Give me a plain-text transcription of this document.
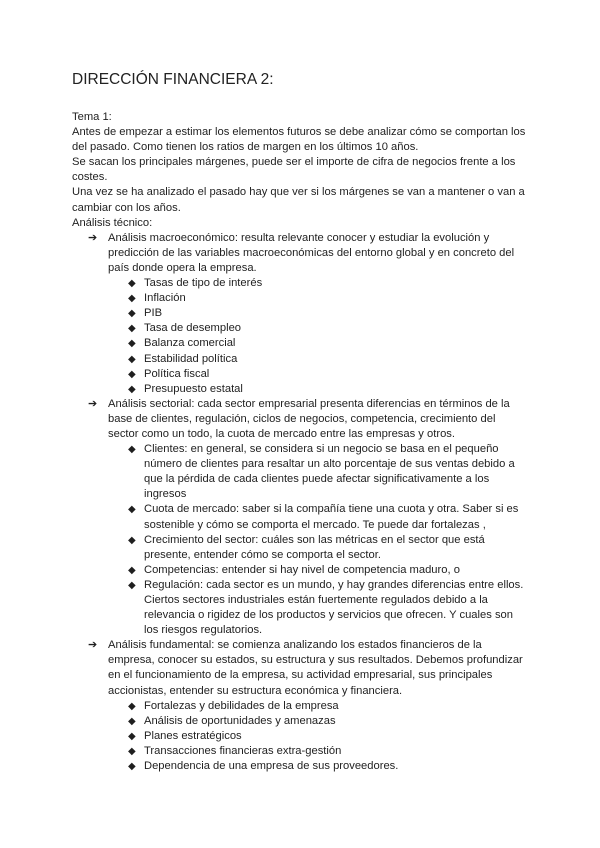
DIRECCIÓN FINANCIERA 2:

Tema 1:

Antes de empezar a estimar los elementos futuros se debe analizar cómo se comportan los del pasado. Como tienen los ratios de margen en los últimos 10 años.

Se sacan los principales márgenes, puede ser el importe de cifra de negocios frente a los costes.

Una vez se ha analizado el pasado hay que ver si los márgenes se van a mantener o van a cambiar con los años.

Análisis técnico:

➔ Análisis macroeconómico: resulta relevante conocer y estudiar la evolución y predicción de las variables macroeconómicas del entorno global y en concreto del país donde opera la empresa.
◆ Tasas de tipo de interés
◆ Inflación
◆ PIB
◆ Tasa de desempleo
◆ Balanza comercial
◆ Estabilidad política
◆ Política fiscal
◆ Presupuesto estatal
➔ Análisis sectorial: cada sector empresarial presenta diferencias en términos de la base de clientes, regulación, ciclos de negocios, competencia, crecimiento del sector como un todo, la cuota de mercado entre las empresas y otros.
◆ Clientes: en general, se considera si un negocio se basa en el pequeño número de clientes para resaltar un alto porcentaje de sus ventas debido a que la pérdida de cada clientes puede afectar significativamente a los ingresos
◆ Cuota de mercado: saber si la compañía tiene una cuota y otra. Saber si es sostenible y cómo se comporta el mercado. Te puede dar fortalezas ,
◆ Crecimiento del sector: cuáles son las métricas en el sector que está presente, entender cómo se comporta el sector.
◆ Competencias: entender si hay nivel de competencia maduro, o
◆ Regulación: cada sector es un mundo, y hay grandes diferencias entre ellos. Ciertos sectores industriales están fuertemente regulados debido a la relevancia o rigidez de los productos y servicios que ofrecen. Y cuales son los riesgos regulatorios.
➔ Análisis fundamental: se comienza analizando los estados financieros de la empresa, conocer su estados, su estructura y sus resultados. Debemos profundizar en el funcionamiento de la empresa, su actividad empresarial, sus principales accionistas, entender su estructura económica y financiera.
◆ Fortalezas y debilidades de la empresa
◆ Análisis de oportunidades y amenazas
◆ Planes estratégicos
◆ Transacciones financieras extra-gestión
◆ Dependencia de una empresa de sus proveedores.
